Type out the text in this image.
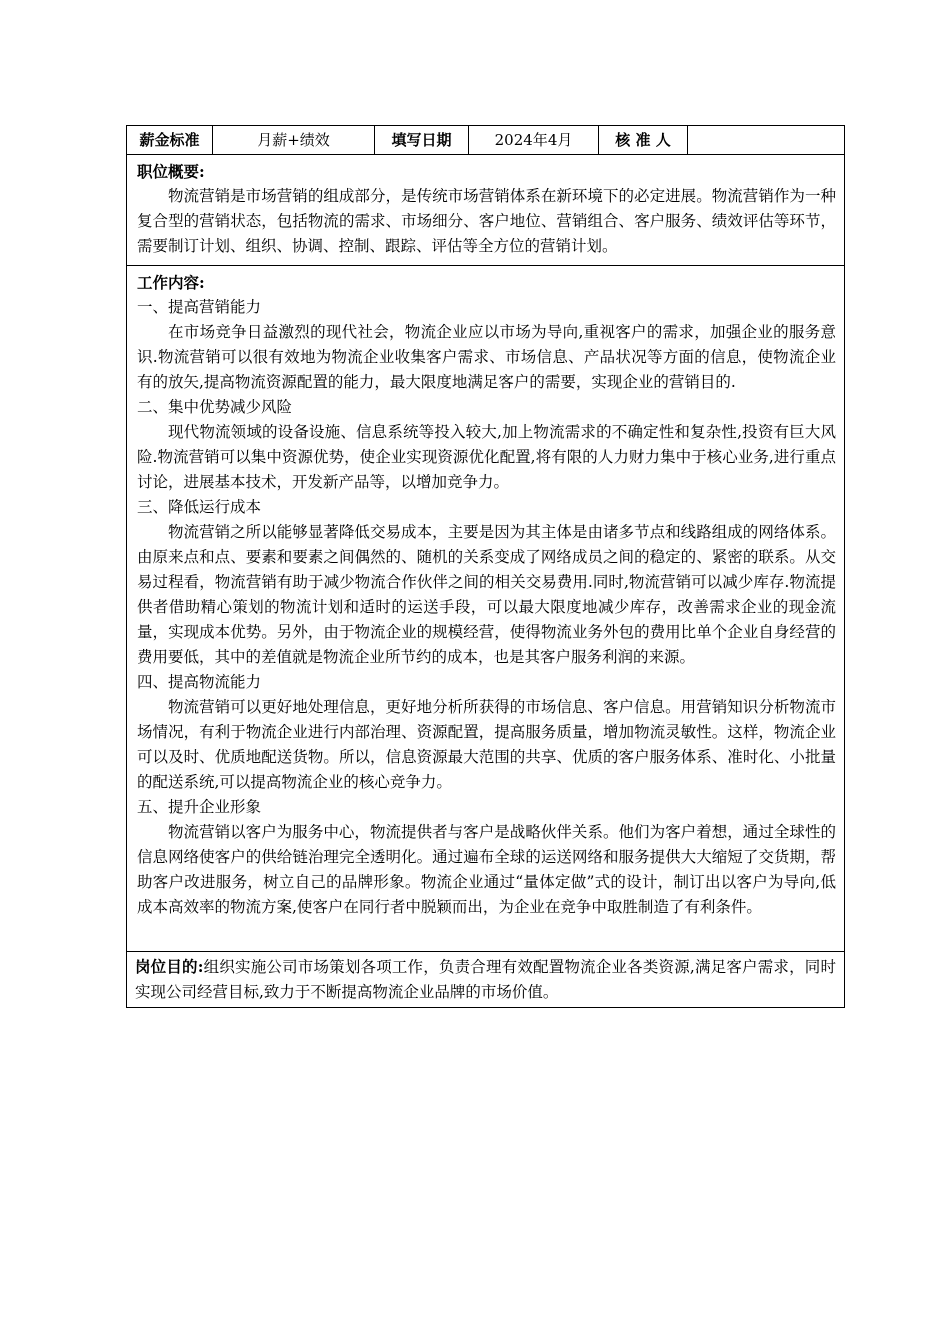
薪金标准	月薪+绩效	填写日期	2024年4月	核 准 人	

职位概要:

物流营销是市场营销的组成部分，是传统市场营销体系在新环境下的必定进展。物流营销作为一种复合型的营销状态，包括物流的需求、市场细分、客户地位、营销组合、客户服务、绩效评估等环节，需要制订计划、组织、协调、控制、跟踪、评估等全方位的营销计划。

工作内容:

一、提高营销能力

在市场竞争日益激烈的现代社会，物流企业应以市场为导向,重视客户的需求，加强企业的服务意识.物流营销可以很有效地为物流企业收集客户需求、市场信息、产品状况等方面的信息，使物流企业有的放矢,提高物流资源配置的能力，最大限度地满足客户的需要，实现企业的营销目的.

二、集中优势减少风险

现代物流领域的设备设施、信息系统等投入较大,加上物流需求的不确定性和复杂性,投资有巨大风险.物流营销可以集中资源优势，使企业实现资源优化配置,将有限的人力财力集中于核心业务,进行重点讨论，进展基本技术，开发新产品等，以增加竞争力。

三、降低运行成本

物流营销之所以能够显著降低交易成本，主要是因为其主体是由诸多节点和线路组成的网络体系。由原来点和点、要素和要素之间偶然的、随机的关系变成了网络成员之间的稳定的、紧密的联系。从交易过程看，物流营销有助于减少物流合作伙伴之间的相关交易费用.同时,物流营销可以减少库存.物流提供者借助精心策划的物流计划和适时的运送手段，可以最大限度地减少库存，改善需求企业的现金流量，实现成本优势。另外，由于物流企业的规模经营，使得物流业务外包的费用比单个企业自身经营的费用要低，其中的差值就是物流企业所节约的成本，也是其客户服务利润的来源。

四、提高物流能力

物流营销可以更好地处理信息，更好地分析所获得的市场信息、客户信息。用营销知识分析物流市场情况，有利于物流企业进行内部治理、资源配置，提高服务质量，增加物流灵敏性。这样，物流企业可以及时、优质地配送货物。所以，信息资源最大范围的共享、优质的客户服务体系、准时化、小批量的配送系统,可以提高物流企业的核心竞争力。

五、提升企业形象

物流营销以客户为服务中心，物流提供者与客户是战略伙伴关系。他们为客户着想，通过全球性的信息网络使客户的供给链治理完全透明化。通过遍布全球的运送网络和服务提供大大缩短了交货期，帮助客户改进服务，树立自己的品牌形象。物流企业通过“量体定做”式的设计，制订出以客户为导向,低成本高效率的物流方案,使客户在同行者中脱颖而出，为企业在竞争中取胜制造了有利条件。

岗位目的:组织实施公司市场策划各项工作，负责合理有效配置物流企业各类资源,满足客户需求，同时实现公司经营目标,致力于不断提高物流企业品牌的市场价值。
